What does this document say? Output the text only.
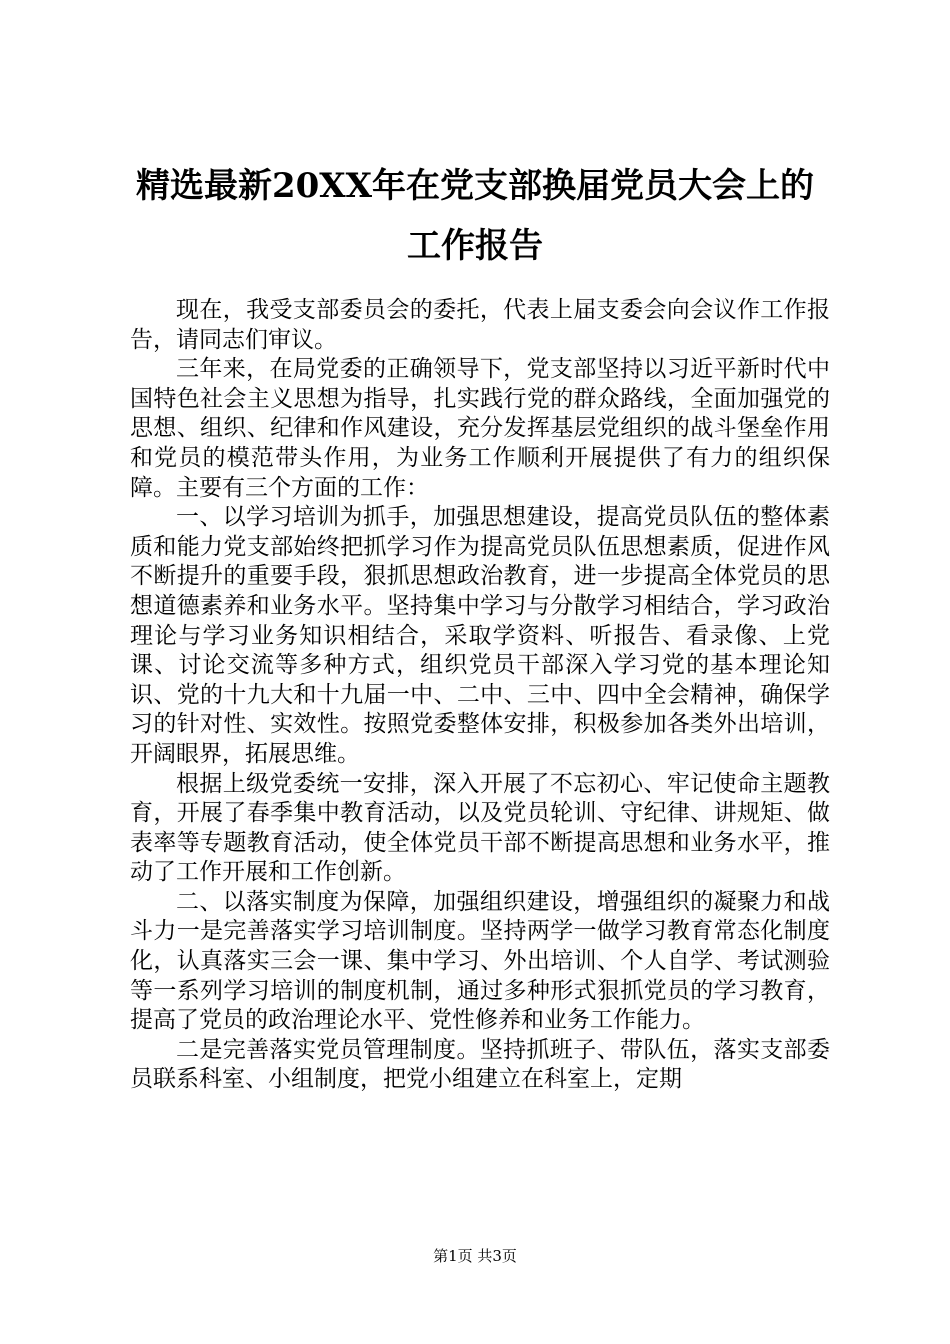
精选最新20XX年在党支部换届党员大会上的
工作报告

现在，我受支部委员会的委托，代表上届支委会向会议作工作报告，请同志们审议。

三年来，在局党委的正确领导下，党支部坚持以习近平新时代中国特色社会主义思想为指导，扎实践行党的群众路线，全面加强党的思想、组织、纪律和作风建设，充分发挥基层党组织的战斗堡垒作用和党员的模范带头作用，为业务工作顺利开展提供了有力的组织保障。主要有三个方面的工作：

一、以学习培训为抓手，加强思想建设，提高党员队伍的整体素质和能力党支部始终把抓学习作为提高党员队伍思想素质，促进作风不断提升的重要手段，狠抓思想政治教育，进一步提高全体党员的思想道德素养和业务水平。坚持集中学习与分散学习相结合，学习政治理论与学习业务知识相结合，采取学资料、听报告、看录像、上党课、讨论交流等多种方式，组织党员干部深入学习党的基本理论知识、党的十九大和十九届一中、二中、三中、四中全会精神，确保学习的针对性、实效性。按照党委整体安排，积极参加各类外出培训，开阔眼界，拓展思维。

根据上级党委统一安排，深入开展了不忘初心、牢记使命主题教育，开展了春季集中教育活动，以及党员轮训、守纪律、讲规矩、做表率等专题教育活动，使全体党员干部不断提高思想和业务水平，推动了工作开展和工作创新。

二、以落实制度为保障，加强组织建设，增强组织的凝聚力和战斗力一是完善落实学习培训制度。坚持两学一做学习教育常态化制度化，认真落实三会一课、集中学习、外出培训、个人自学、考试测验等一系列学习培训的制度机制，通过多种形式狠抓党员的学习教育，提高了党员的政治理论水平、党性修养和业务工作能力。

二是完善落实党员管理制度。坚持抓班子、带队伍，落实支部委员联系科室、小组制度，把党小组建立在科室上，定期

第1页 共3页
